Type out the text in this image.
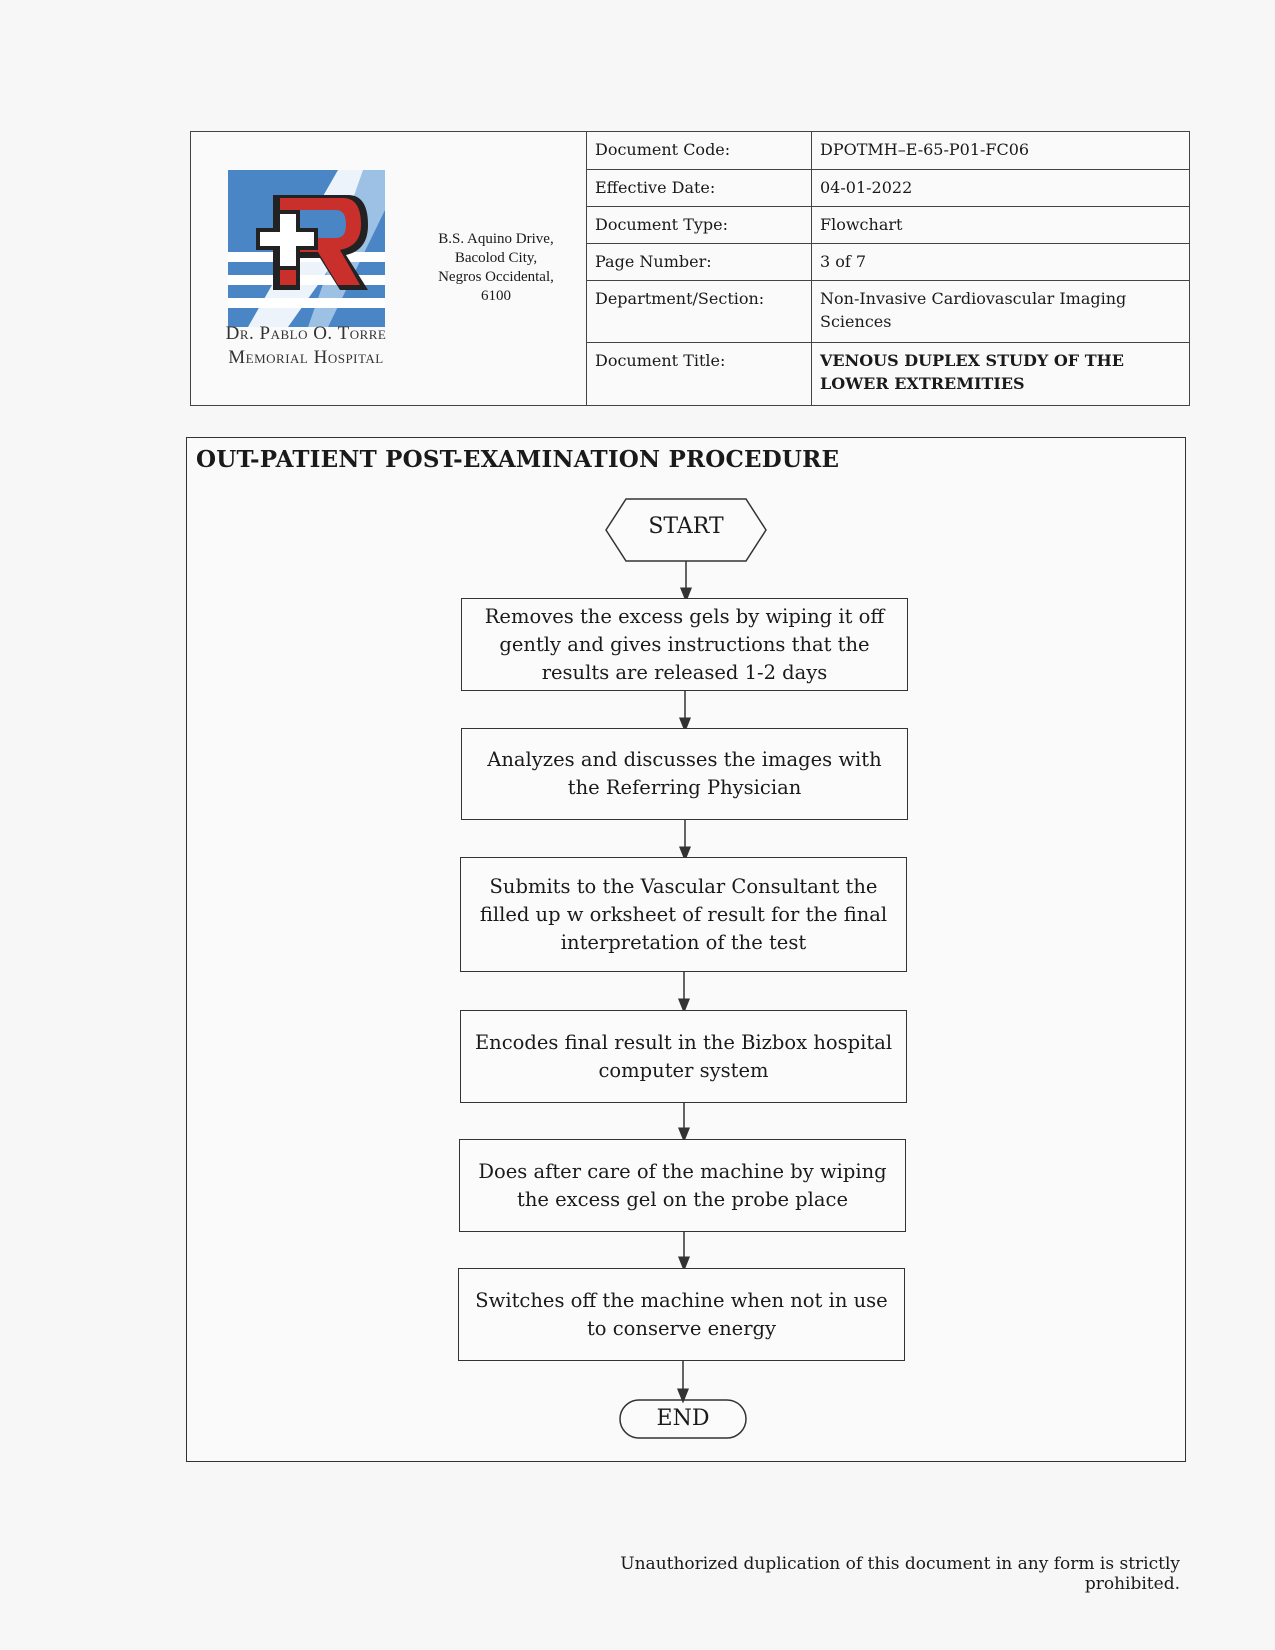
Dr. Pablo O. Torre
Memorial Hospital
B.S. Aquino Drive,
Bacolod City,
Negros Occidental,
6100
Document Code:	DPOTMH–E-65-P01-FC06
Effective Date:	04-01-2022
Document Type:	Flowchart
Page Number:	3 of 7
Department/Section:	Non-Invasive Cardiovascular Imaging Sciences
Document Title:	VENOUS DUPLEX STUDY OF THE LOWER EXTREMITIES
OUT-PATIENT POST-EXAMINATION PROCEDURE
START
Removes the excess gels by wiping it off gently and gives instructions that the results are released 1-2 days
Analyzes and discusses the images with the Referring Physician
Submits to the Vascular Consultant the filled up w orksheet of result for the final interpretation of the test
Encodes final result in the Bizbox hospital computer system
Does after care of the machine by wiping the excess gel on the probe place
Switches off the machine when not in use to conserve energy
END
Unauthorized duplication of this document in any form is strictly prohibited.
